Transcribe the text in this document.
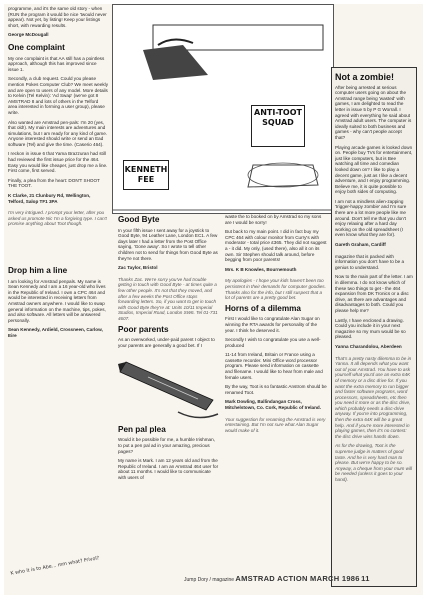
programme, and it's the same old story - when (RUN the program it would be nice 'twould never appear). Not yet, by listing! Keep your listings short, with rewarding results.

George McDougall
One complaint

My one complaint is that AA still has a pointless approach, although this has improved since issue 1.

Secondly, a club request. Could you please mention Pokes Computer Club? We meet weekly and are open to users of any model. More details to Kelvin (Tel Kelvin): 'Ad Swap' (we've got 8 AMSTRAD 8 and lots of others in the Telford area interested in forming a user group), please write.

Also wanted are Amstrad pen-pals: I'm 20 (yes, that old!). My main interests are adventures and simulations, but I am ready for any kind of game. Anyone interested should write or send an Ead software (Tel) and give the time. (Caserio 464).

I reckon in issue 6 that Yama Brazzuran had still had reviewed the first issue price for the 464. Easy you would like cheaper, just drop me a line. First come, first served.

Finally, a plea from the heart: DON'T SHOOT THE TOOT.

K Clarke, 21 Clunbury Rd, Wellington, Telford, Salop TF1 3PA

I'm very intrigued. I prompt your letter, after you asked us promote Nic I'm a forgiving type. I can't promise anything about Toot though.

Drop him a line

I am looking for Amstrad penpals. My name is Sean Kennedy and I am a 16 year-old who lives in the Republic of Ireland. I own a CPC 464 and would be interested in receiving letters from Amstrad owners anywhere. I would like to swap general information on the machine, tips, pokes, and also software. All letters will be answered personally.

Sean Kennedy, Ardield, Crossneen, Carlow, Eire
ANTI-TOOT SQUAD
KENNETH FEE
Good Byte

In your fifth issue I sent away for a joystick to Good Byte, 94 Leather Lane, London EC1. A few days later I had a letter from the Post Office saying, 'Gone away'. So I wrote to tell other children not to send for things from Good Byte as they're not there.

Zac Taylor, Bristol

Thanks Zac. We're sorry you've had trouble getting in touch with Good Byte - at times quite a few other people. It's not that they moved, and after a few weeks the Post Office stops forwarding letters. So, if you want to get in touch with Good Byte they're at: Units 10/11 Imperial Studios, Imperial Road, London SW6. Tel 01-731 4607.

Poor parents

As an overworked, under-paid parent I object to your parents are generally a good bet. If I

Pen pal plea

Would it be possible for me, a humble Irishman, to put a pen pal ad in your amazing, precious pages?

My name is Mark. I am 12 years old and from the Republic of Ireland. I am an Amstrad 464 user for about 11 months. I would like to communicate with users of

waste the to booked on by Amstrad so my sons are I would be sorry!

But back to my main point. I did in fact buy my CPC 464 with colour monitor from Curry's with moderator - total price £365. They did not suggest a - it did. My only, (used there), also all it on its own. Sir Stephen should talk around, before begging from poor parents!

Mrs. K B Knowles, Bournemouth

My apologies - I hope your kids haven't been too persistent in their demands for computer goodies. Thanks also for the info, but I still suspect that a lot of parents are a pretty good bet.

Horns of a dilemma

First I would like to congratulate Alan Sugar on winning the RTA awards for personality of the year. I think he deserved it.

Secondly I wish to congratulate you use a well-produced

11-14 from Ireland, Britain or France using a cassette recorder. Mini Office word processor program. Please send information on cassette and filename. I would like to hear from male and female users.

By the way, Toot is so fantastic Anstrom should be renamed Toot.

Mark Dowling, Ballindangan Cross, Mitchelstown, Co. Cork, Republic of Ireland.

Your suggestion for renaming the Amstrad is very entertaining. But I'm not sure what Alan Sugar would make of it.

Not a zombie!

After being arrested at serious computer users going on about the Amstrad range being 'wasted' with games, I am delighted to read the letter in issue 5 by P G Worrall. I agreed with everything he said about Amstrad adult users. The computer is ideally suited to both business and games - why can't people accept that?

Playing arcade games is looked down on. People buy TVs for entertainment, just like computers, but is Bee watching all time and comedian looked down on? I like to play a decent game, just as I like a decent adventure, and I enjoy programming. Believe me, it is quite possible to enjoy both sides of computing.

I am not a mindless alien-zapping 'trigger-happy zombie' and I'm sure there are a lot more people like me around. Don't tell me that you don't enjoy relaxing after a hard day working on the old spreadsheet (I even know what they are for).

Gareth Graham, Cardiff

magazine that is packed with information you don't have to be a genius to understand.

Now to the main part of the letter. I am in dilemma. I do not know which of these two things to get - the 464 expansion from DK Tronics or a disc drive, as there are advantages and disadvantages to both. Could you please help me?

Lastly, I have enclosed a drawing. Could you include it in your next magazine so my mum would be so pleased.

Yanna Charandolou, Aberdeen

That's a pretty nasty dilemma to be in Yanna. It all depends what you want out of your Amstrad. You have to ask yourself what you'd use an extra 64K of memory or a disc drive for. If you want the extra memory to run bigger and faster software programs, word processors, spreadsheets, etc then you need it more or as the disc drive, which probably needs a disc-drive anyway. If you're into programming, then the extra 64K will be a great help. And if you're more interested in playing games, then it's no contest: the disc drive wins hands down.

As for the drawing, Toot is the supreme judge in matters of good taste. And he is very hard man to please. But we're happy to be so. Anyway, a cheque from your mum will be needed (unless it goes to your hand).

K who it is to Abe... mm what? Frivol?
Jump Dory / magazine AMSTRAD ACTION MARCH 1986 11
